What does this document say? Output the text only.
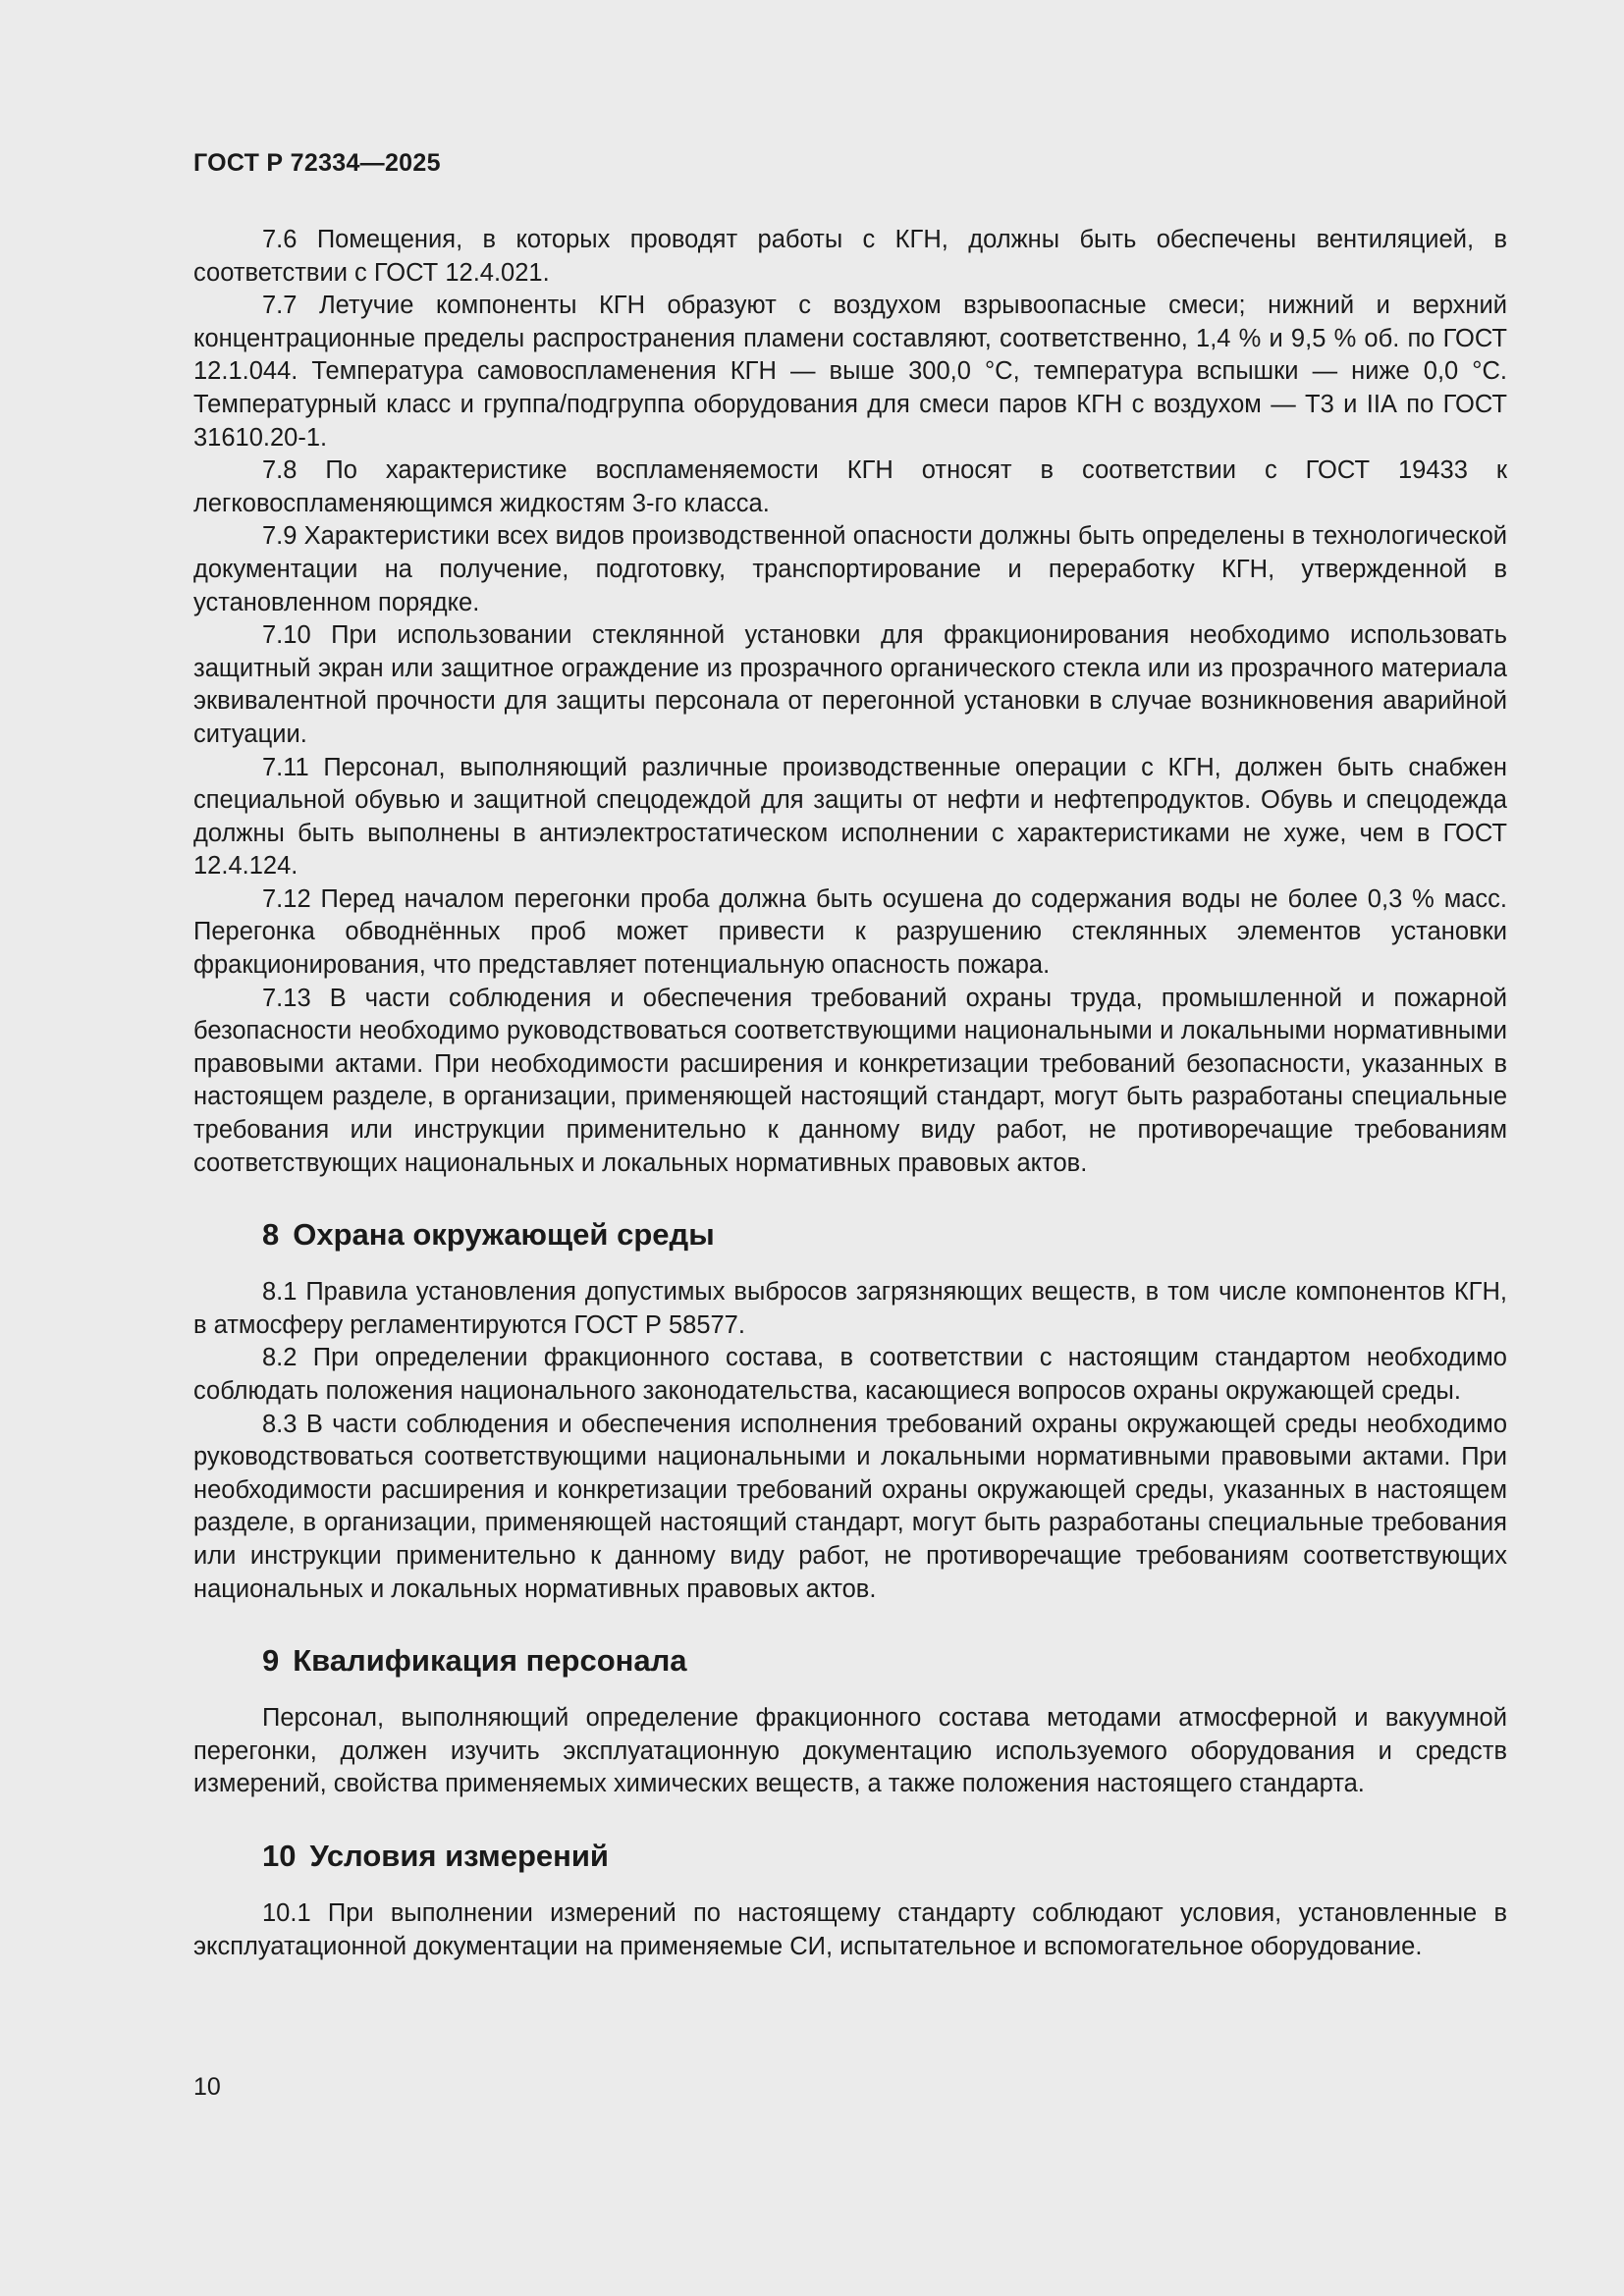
ГОСТ Р 72334—2025

7.6 Помещения, в которых проводят работы с КГН, должны быть обеспечены вентиляцией, в соответствии с ГОСТ 12.4.021.

7.7 Летучие компоненты КГН образуют с воздухом взрывоопасные смеси; нижний и верхний концентрационные пределы распространения пламени составляют, соответственно, 1,4 % и 9,5 % об. по ГОСТ 12.1.044. Температура самовоспламенения КГН — выше 300,0 °С, температура вспышки — ниже 0,0 °С. Температурный класс и группа/подгруппа оборудования для смеси паров КГН с воздухом — Т3 и IIА по ГОСТ 31610.20-1.

7.8 По характеристике воспламеняемости КГН относят в соответствии с ГОСТ 19433 к легковоспламеняющимся жидкостям 3-го класса.

7.9 Характеристики всех видов производственной опасности должны быть определены в технологической документации на получение, подготовку, транспортирование и переработку КГН, утвержденной в установленном порядке.

7.10 При использовании стеклянной установки для фракционирования необходимо использовать защитный экран или защитное ограждение из прозрачного органического стекла или из прозрачного материала эквивалентной прочности для защиты персонала от перегонной установки в случае возникновения аварийной ситуации.

7.11 Персонал, выполняющий различные производственные операции с КГН, должен быть снабжен специальной обувью и защитной спецодеждой для защиты от нефти и нефтепродуктов. Обувь и спецодежда должны быть выполнены в антиэлектростатическом исполнении с характеристиками не хуже, чем в ГОСТ 12.4.124.

7.12 Перед началом перегонки проба должна быть осушена до содержания воды не более 0,3 % масс. Перегонка обводнённых проб может привести к разрушению стеклянных элементов установки фракционирования, что представляет потенциальную опасность пожара.

7.13 В части соблюдения и обеспечения требований охраны труда, промышленной и пожарной безопасности необходимо руководствоваться соответствующими национальными и локальными нормативными правовыми актами. При необходимости расширения и конкретизации требований безопасности, указанных в настоящем разделе, в организации, применяющей настоящий стандарт, могут быть разработаны специальные требования или инструкции применительно к данному виду работ, не противоречащие требованиям соответствующих национальных и локальных нормативных правовых актов.

8 Охрана окружающей среды

8.1 Правила установления допустимых выбросов загрязняющих веществ, в том числе компонентов КГН, в атмосферу регламентируются ГОСТ Р 58577.

8.2 При определении фракционного состава, в соответствии с настоящим стандартом необходимо соблюдать положения национального законодательства, касающиеся вопросов охраны окружающей среды.

8.3 В части соблюдения и обеспечения исполнения требований охраны окружающей среды необходимо руководствоваться соответствующими национальными и локальными нормативными правовыми актами. При необходимости расширения и конкретизации требований охраны окружающей среды, указанных в настоящем разделе, в организации, применяющей настоящий стандарт, могут быть разработаны специальные требования или инструкции применительно к данному виду работ, не противоречащие требованиям соответствующих национальных и локальных нормативных правовых актов.

9 Квалификация персонала

Персонал, выполняющий определение фракционного состава методами атмосферной и вакуумной перегонки, должен изучить эксплуатационную документацию используемого оборудования и средств измерений, свойства применяемых химических веществ, а также положения настоящего стандарта.

10 Условия измерений

10.1 При выполнении измерений по настоящему стандарту соблюдают условия, установленные в эксплуатационной документации на применяемые СИ, испытательное и вспомогательное оборудование.

10
